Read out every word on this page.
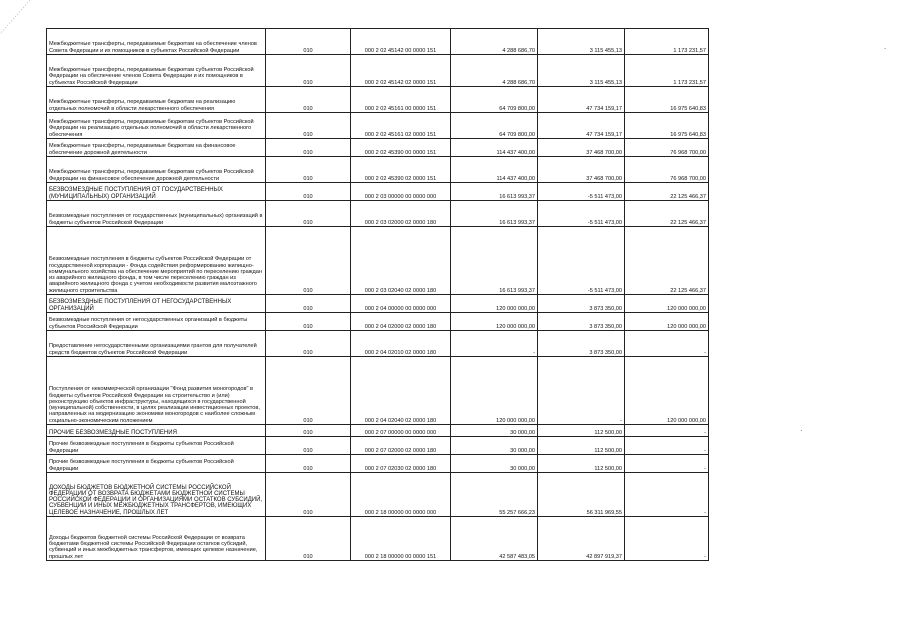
Межбюджетные трансферты, передаваемые бюджетам на обеспечение членов Совета Федерации и их помощников в субъектах Российской Федерации	010	000 2 02 45142 00 0000 151	4 288 686,70	3 115 455,13	1 173 231,57
Межбюджетные трансферты, передаваемые бюджетам субъектов Российской Федерации на обеспечение членов Совета Федерации и их помощников в субъектах Российской Федерации	010	000 2 02 45142 02 0000 151	4 288 686,70	3 115 455,13	1 173 231,57
Межбюджетные трансферты, передаваемые бюджетам на реализацию отдельных полномочий в области лекарственного обеспечения	010	000 2 02 45161 00 0000 151	64 709 800,00	47 734 159,17	16 975 640,83
Межбюджетные трансферты, передаваемые бюджетам субъектов Российской Федерации на реализацию отдельных полномочий в области лекарственного обеспечения	010	000 2 02 45161 02 0000 151	64 709 800,00	47 734 159,17	16 975 640,83
Межбюджетные трансферты, передаваемые бюджетам на финансовое обеспечение дорожной деятельности	010	000 2 02 45390 00 0000 151	114 437 400,00	37 468 700,00	76 968 700,00
Межбюджетные трансферты, передаваемые бюджетам субъектов Российской Федерации на финансовое обеспечение дорожной деятельности	010	000 2 02 45390 02 0000 151	114 437 400,00	37 468 700,00	76 968 700,00
БЕЗВОЗМЕЗДНЫЕ ПОСТУПЛЕНИЯ ОТ ГОСУДАРСТВЕННЫХ (МУНИЦИПАЛЬНЫХ) ОРГАНИЗАЦИЙ	010	000 2 03 00000 00 0000 000	16 613 993,37	-5 511 473,00	22 125 466,37
Безвозмездные поступления от государственных (муниципальных) организаций в бюджеты субъектов Российской Федерации	010	000 2 03 02000 02 0000 180	16 613 993,37	-5 511 473,00	22 125 466,37
Безвозмездные поступления в бюджеты субъектов Российской Федерации от государственной корпорации - Фонда содействия реформированию жилищно-коммунального хозяйства на обеспечение мероприятий по переселению граждан из аварийного жилищного фонда, в том числе переселению граждан из аварийного жилищного фонда с учетом необходимости развития малоэтажного жилищного строительства	010	000 2 03 02040 02 0000 180	16 613 993,37	-5 511 473,00	22 125 466,37
БЕЗВОЗМЕЗДНЫЕ ПОСТУПЛЕНИЯ ОТ НЕГОСУДАРСТВЕННЫХ ОРГАНИЗАЦИЙ	010	000 2 04 00000 00 0000 000	120 000 000,00	3 873 350,00	120 000 000,00
Безвозмездные поступления от негосударственных организаций в бюджеты субъектов Российской Федерации	010	000 2 04 02000 02 0000 180	120 000 000,00	3 873 350,00	120 000 000,00
Предоставление негосударственными организациями грантов для получателей средств бюджетов субъектов Российской Федерации	010	000 2 04 02010 02 0000 180	-	3 873 350,00	-
Поступления от некоммерческой организации "Фонд развития моногородов" в бюджеты субъектов Российской Федерации на строительство и (или) реконструкцию объектов инфраструктуры, находящихся в государственной (муниципальной) собственности, в целях реализации инвестиционных проектов, направленных на модернизацию экономики моногородов с наиболее сложным социально-экономическим положением	010	000 2 04 02040 02 0000 180	120 000 000,00	-	120 000 000,00
ПРОЧИЕ БЕЗВОЗМЕЗДНЫЕ ПОСТУПЛЕНИЯ	010	000 2 07 00000 00 0000 000	30 000,00	112 500,00	-
Прочие безвозмездные поступления в бюджеты субъектов Российской Федерации	010	000 2 07 02000 02 0000 180	30 000,00	112 500,00	-
Прочие безвозмездные поступления в бюджеты субъектов Российской Федерации	010	000 2 07 02030 02 0000 180	30 000,00	112 500,00	-
ДОХОДЫ БЮДЖЕТОВ БЮДЖЕТНОЙ СИСТЕМЫ РОССИЙСКОЙ ФЕДЕРАЦИИ ОТ ВОЗВРАТА БЮДЖЕТАМИ БЮДЖЕТНОЙ СИСТЕМЫ РОССИЙСКОЙ ФЕДЕРАЦИИ И ОРГАНИЗАЦИЯМИ ОСТАТКОВ СУБСИДИЙ, СУБВЕНЦИЙ И ИНЫХ МЕЖБЮДЖЕТНЫХ ТРАНСФЕРТОВ, ИМЕЮЩИХ ЦЕЛЕВОЕ НАЗНАЧЕНИЕ, ПРОШЛЫХ ЛЕТ	010	000 2 18 00000 00 0000 000	55 257 666,23	56 311 969,55	-
Доходы бюджетов бюджетной системы Российской Федерации от возврата бюджетами бюджетной системы Российской Федерации остатков субсидий, субвенций и иных межбюджетных трансфертов, имеющих целевое назначение, прошлых лет	010	000 2 18 00000 00 0000 151	42 587 483,05	42 897 919,37	-
.
·
